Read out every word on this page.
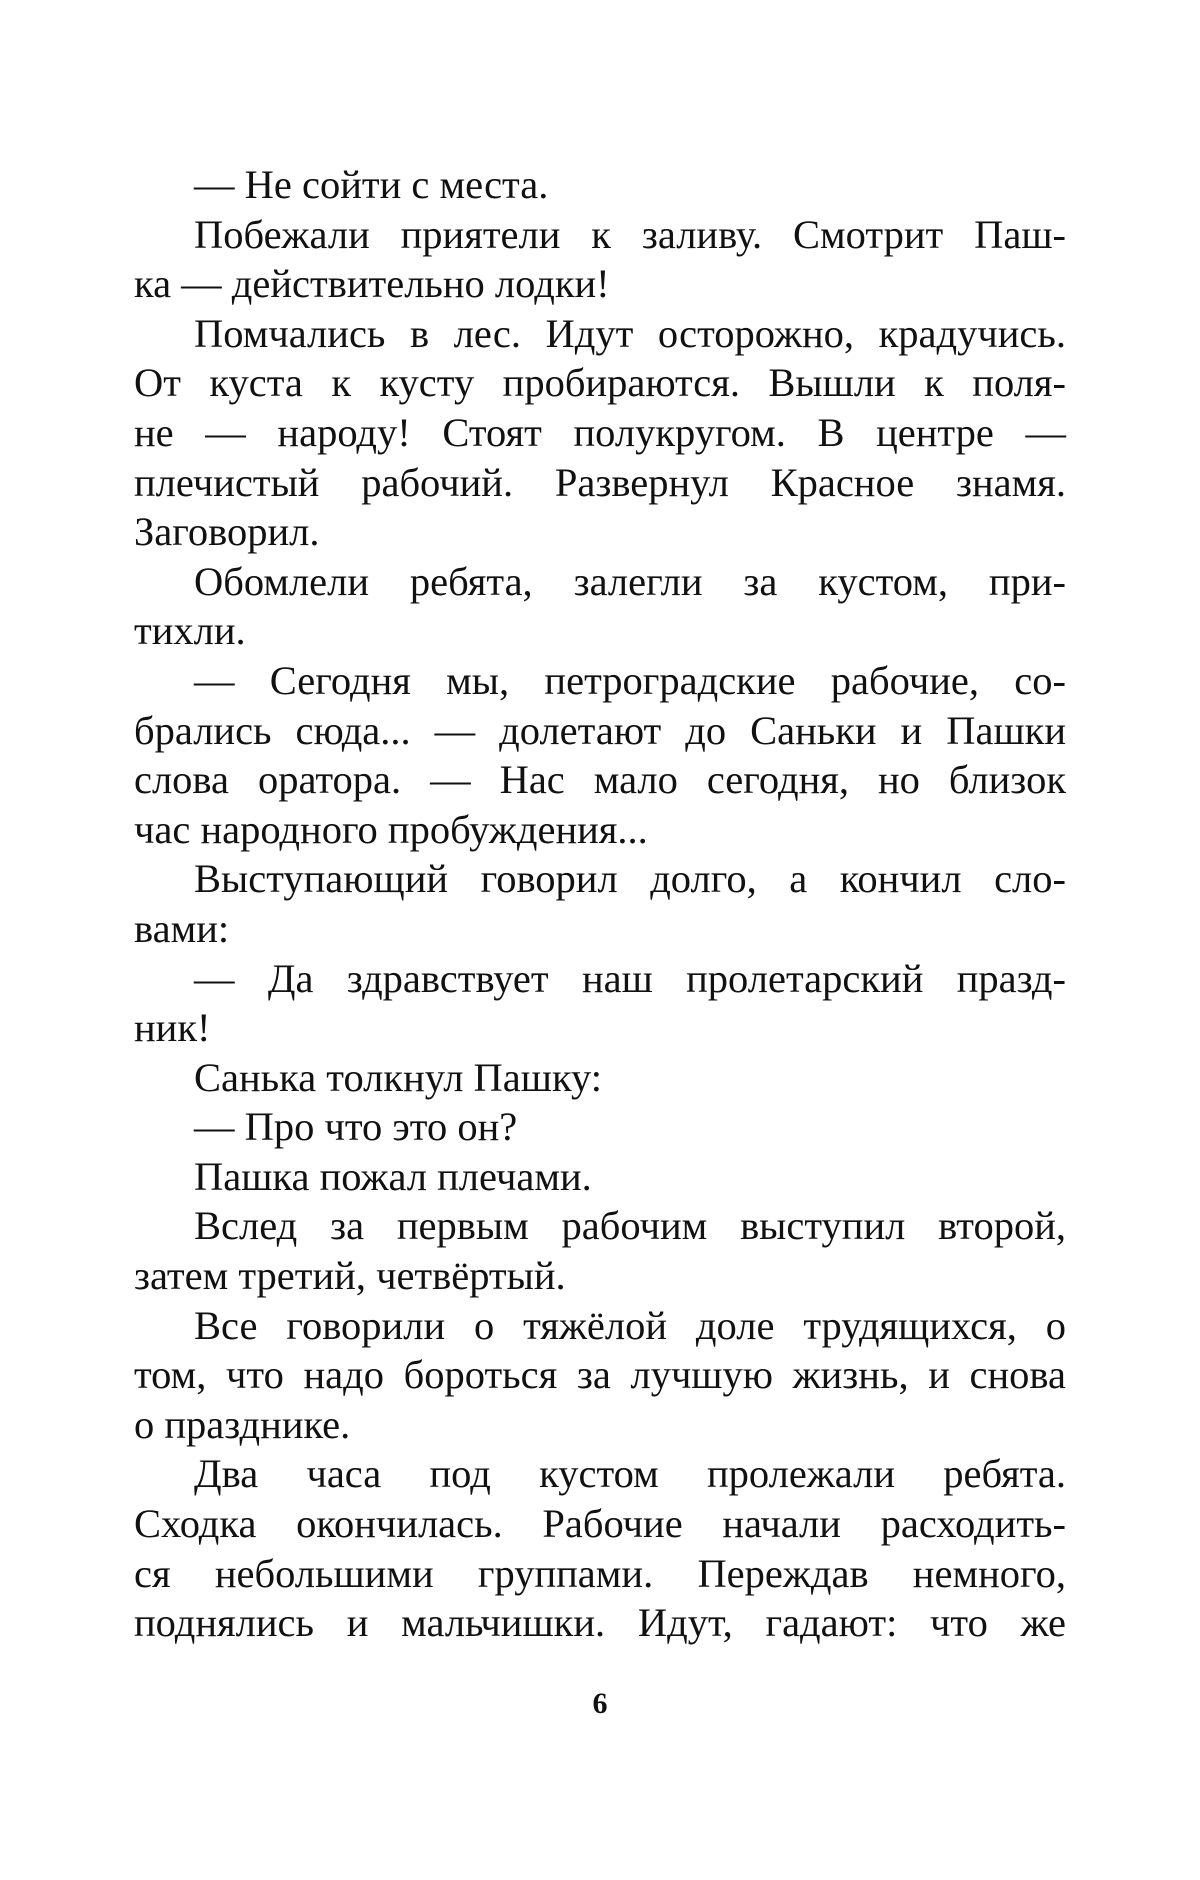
— Не сойти с места.
Побежали приятели к заливу. Смотрит Паш-
ка — действительно лодки!
Помчались в лес. Идут осторожно, крадучись.
От куста к кусту пробираются. Вышли к поля-
не — народу! Стоят полукругом. В центре —
плечистый рабочий. Развернул Красное знамя.
Заговорил.
Обомлели ребята, залегли за кустом, при-
тихли.
— Сегодня мы, петроградские рабочие, со-
брались сюда... — долетают до Саньки и Пашки
слова оратора. — Нас мало сегодня, но близок
час народного пробуждения...
Выступающий говорил долго, а кончил сло-
вами:
— Да здравствует наш пролетарский празд-
ник!
Санька толкнул Пашку:
— Про что это он?
Пашка пожал плечами.
Вслед за первым рабочим выступил второй,
затем третий, четвёртый.
Все говорили о тяжёлой доле трудящихся, о
том, что надо бороться за лучшую жизнь, и снова
о празднике.
Два часа под кустом пролежали ребята.
Сходка окончилась. Рабочие начали расходить-
ся небольшими группами. Переждав немного,
поднялись и мальчишки. Идут, гадают: что же
6
